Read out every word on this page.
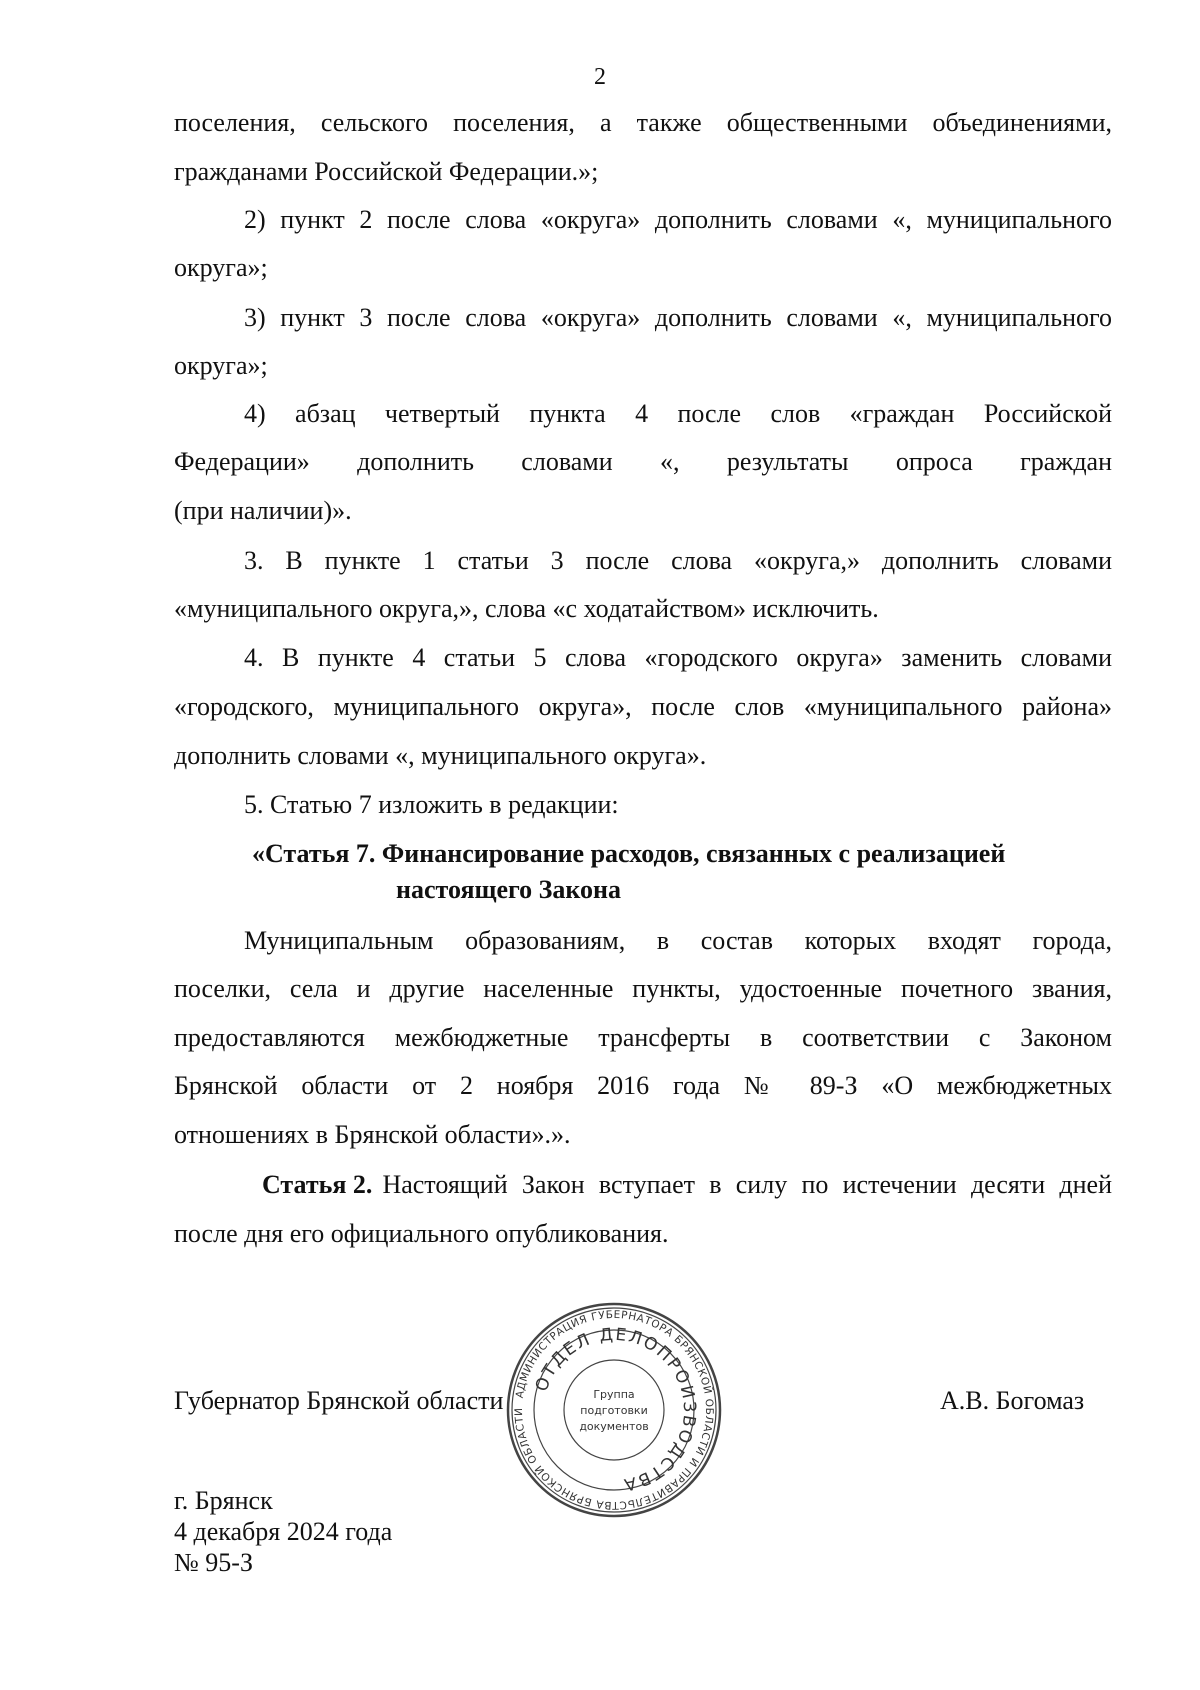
2
поселения, сельского поселения, а также общественными объединениями,
гражданами Российской Федерации.»;
2) пункт 2 после слова «округа» дополнить словами «, муниципального
округа»;
3) пункт 3 после слова «округа» дополнить словами «, муниципального
округа»;
4) абзац четвертый пункта 4 после слов «граждан Российской
Федерации» дополнить словами «, результаты опроса граждан
(при наличии)».
3. В пункте 1 статьи 3 после слова «округа,» дополнить словами
«муниципального округа,», слова «с ходатайством» исключить.
4. В пункте 4 статьи 5 слова «городского округа» заменить словами
«городского, муниципального округа», после слов «муниципального района»
дополнить словами «, муниципального округа».
5. Статью 7 изложить в редакции:
«Статья 7. Финансирование расходов, связанных с реализацией
настоящего Закона
Муниципальным образованиям, в состав которых входят города,
поселки, села и другие населенные пункты, удостоенные почетного звания,
предоставляются межбюджетные трансферты в соответствии с Законом
Брянской области от 2 ноября 2016 года № 89-З «О межбюджетных
отношениях в Брянской области».».
Статья 2. Настоящий Закон вступает в силу по истечении десяти дней
после дня его официального опубликования.
Губернатор Брянской области	А.В. Богомаз
АДМИНИСТРАЦИЯ ГУБЕРНАТОРА БРЯНСКОЙ ОБЛАСТИ И ПРАВИТЕЛЬСТВА БРЯНСКОЙ ОБЛАСТИ
ОТДЕЛ ДЕЛОПРОИЗВОДСТВА
Группа
подготовки
документов
г. Брянск
4 декабря 2024 года
№ 95-З
